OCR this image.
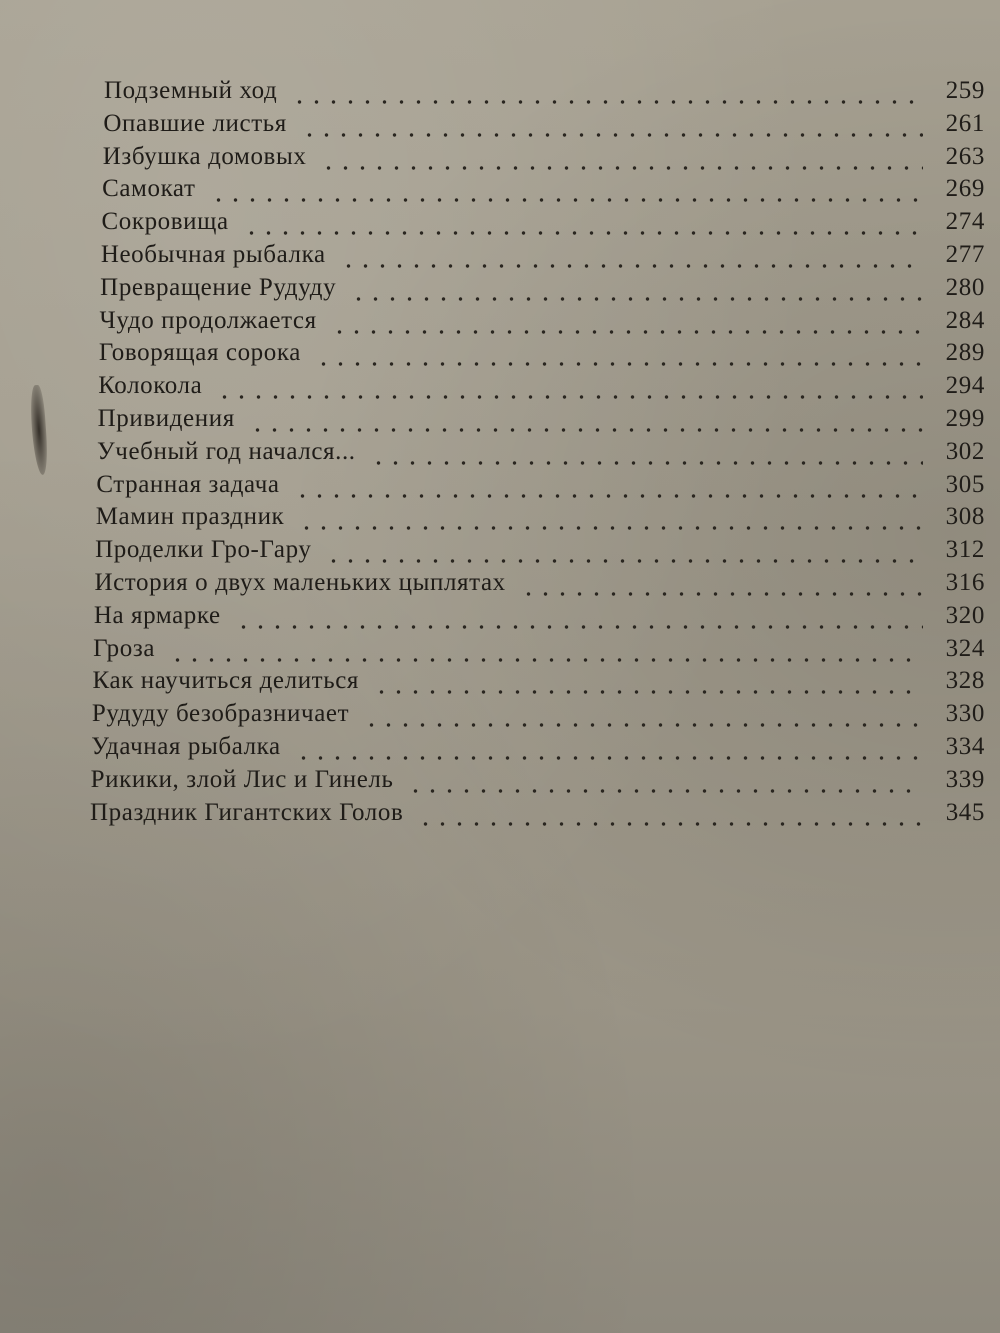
Подземный ход	259
Опавшие листья	261
Избушка домовых	263
Самокат	269
Сокровища	274
Необычная рыбалка	277
Превращение Рудуду	280
Чудо продолжается	284
Говорящая сорока	289
Колокола	294
Привидения	299
Учебный год начался...	302
Странная задача	305
Мамин праздник	308
Проделки Гро-Гару	312
История о двух маленьких цыплятах	316
На ярмарке	320
Гроза	324
Как научиться делиться	328
Рудуду безобразничает	330
Удачная рыбалка	334
Рикики, злой Лис и Гинель	339
Праздник Гигантских Голов	345
